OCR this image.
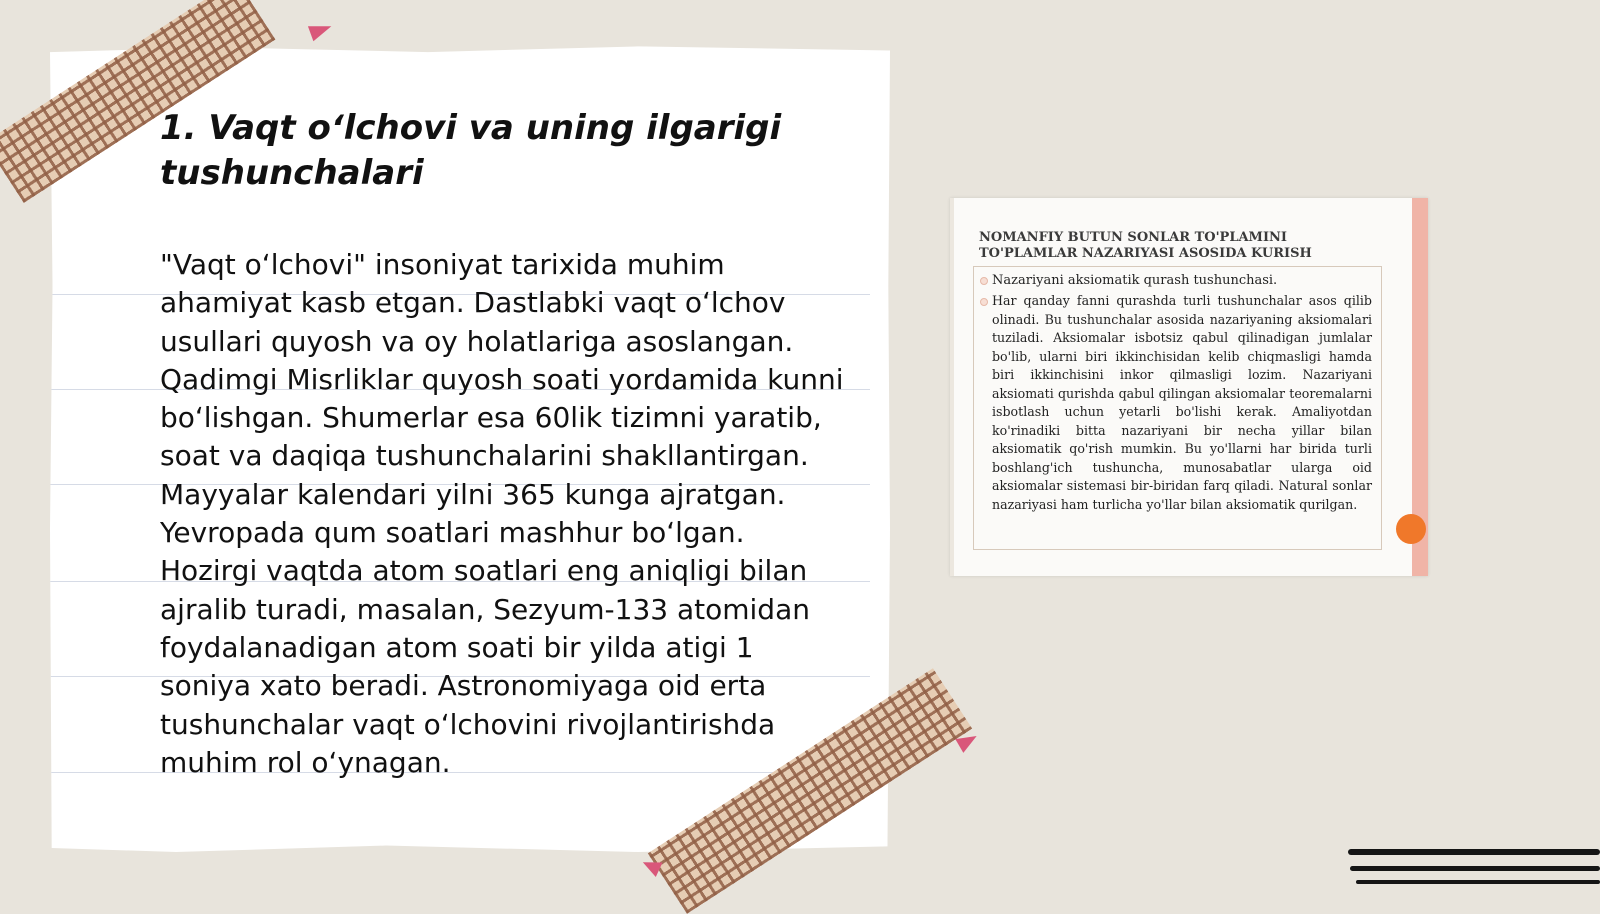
1. Vaqt oʻlchovi va uning ilgarigi tushunchalari

"Vaqt oʻlchovi" insoniyat tarixida muhim ahamiyat kasb etgan. Dastlabki vaqt oʻlchov usullari quyosh va oy holatlariga asoslangan. Qadimgi Misrliklar quyosh soati yordamida kunni boʻlishgan. Shumerlar esa 60lik tizimni yaratib, soat va daqiqa tushunchalarini shakllantirgan. Mayyalar kalendari yilni 365 kunga ajratgan. Yevropada qum soatlari mashhur boʻlgan. Hozirgi vaqtda atom soatlari eng aniqligi bilan ajralib turadi, masalan, Sezyum-133 atomidan foydalanadigan atom soati bir yilda atigi 1 soniya xato beradi. Astronomiyaga oid erta tushunchalar vaqt oʻlchovini rivojlantirishda muhim rol oʻynagan.

NOMANFIY BUTUN SONLAR TO'PLAMINI
TO'PLAMLAR NAZARIYASI ASOSIDA KURISH

Nazariyani aksiomatik qurash tushunchasi.

Har qanday fanni qurashda turli tushunchalar asos qilib olinadi. Bu tushunchalar asosida nazariyaning aksiomalari tuziladi. Aksiomalar isbotsiz qabul qilinadigan jumlalar bo'lib, ularni biri ikkinchisidan kelib chiqmasligi hamda biri ikkinchisini inkor qilmasligi lozim. Nazariyani aksiomati qurishda qabul qilingan aksiomalar teoremalarni isbotlash uchun yetarli bo'lishi kerak. Amaliyotdan ko'rinadiki bitta nazariyani bir necha yillar bilan aksiomatik qo'rish mumkin. Bu yo'llarni har birida turli boshlang'ich tushuncha, munosabatlar ularga oid aksiomalar sistemasi bir-biridan farq qiladi. Natural sonlar nazariyasi ham turlicha yo'llar bilan aksiomatik qurilgan.
